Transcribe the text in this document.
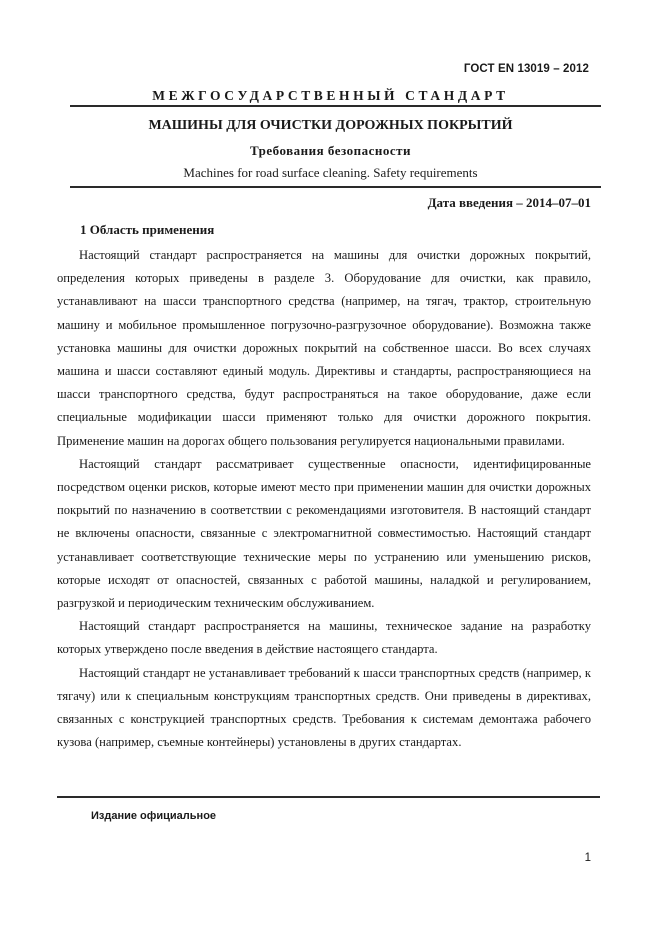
ГОСТ EN 13019 – 2012
МЕЖГОСУДАРСТВЕННЫЙ СТАНДАРТ
МАШИНЫ ДЛЯ ОЧИСТКИ ДОРОЖНЫХ ПОКРЫТИЙ
Требования безопасности
Machines for road surface cleaning. Safety requirements
Дата введения – 2014–07–01
1 Область применения

Настоящий стандарт распространяется на машины для очистки дорожных покрытий, определения которых приведены в разделе 3. Оборудование для очистки, как правило, устанавливают на шасси транспортного средства (например, на тягач, трактор, строительную машину и мобильное промышленное погрузочно-разгрузочное оборудование). Возможна также установка машины для очистки дорожных покрытий на собственное шасси. Во всех случаях машина и шасси составляют единый модуль. Директивы и стандарты, распространяющиеся на шасси транспортного средства, будут распространяться на такое оборудование, даже если специальные модификации шасси применяют только для очистки дорожного покрытия. Применение машин на дорогах общего пользования регулируется национальными правилами.

Настоящий стандарт рассматривает существенные опасности, идентифицированные посредством оценки рисков, которые имеют место при применении машин для очистки дорожных покрытий по назначению в соответствии с рекомендациями изготовителя. В настоящий стандарт не включены опасности, связанные с электромагнитной совместимостью. Настоящий стандарт устанавливает соответствующие технические меры по устранению или уменьшению рисков, которые исходят от опасностей, связанных с работой машины, наладкой и регулированием, разгрузкой и периодическим техническим обслуживанием.

Настоящий стандарт распространяется на машины, техническое задание на разработку которых утверждено после введения в действие настоящего стандарта.

Настоящий стандарт не устанавливает требований к шасси транспортных средств (например, к тягачу) или к специальным конструкциям транспортных средств. Они приведены в директивах, связанных с конструкцией транспортных средств. Требования к системам демонтажа рабочего кузова (например, съемные контейнеры) установлены в других стандартах.

Издание официальное
1
